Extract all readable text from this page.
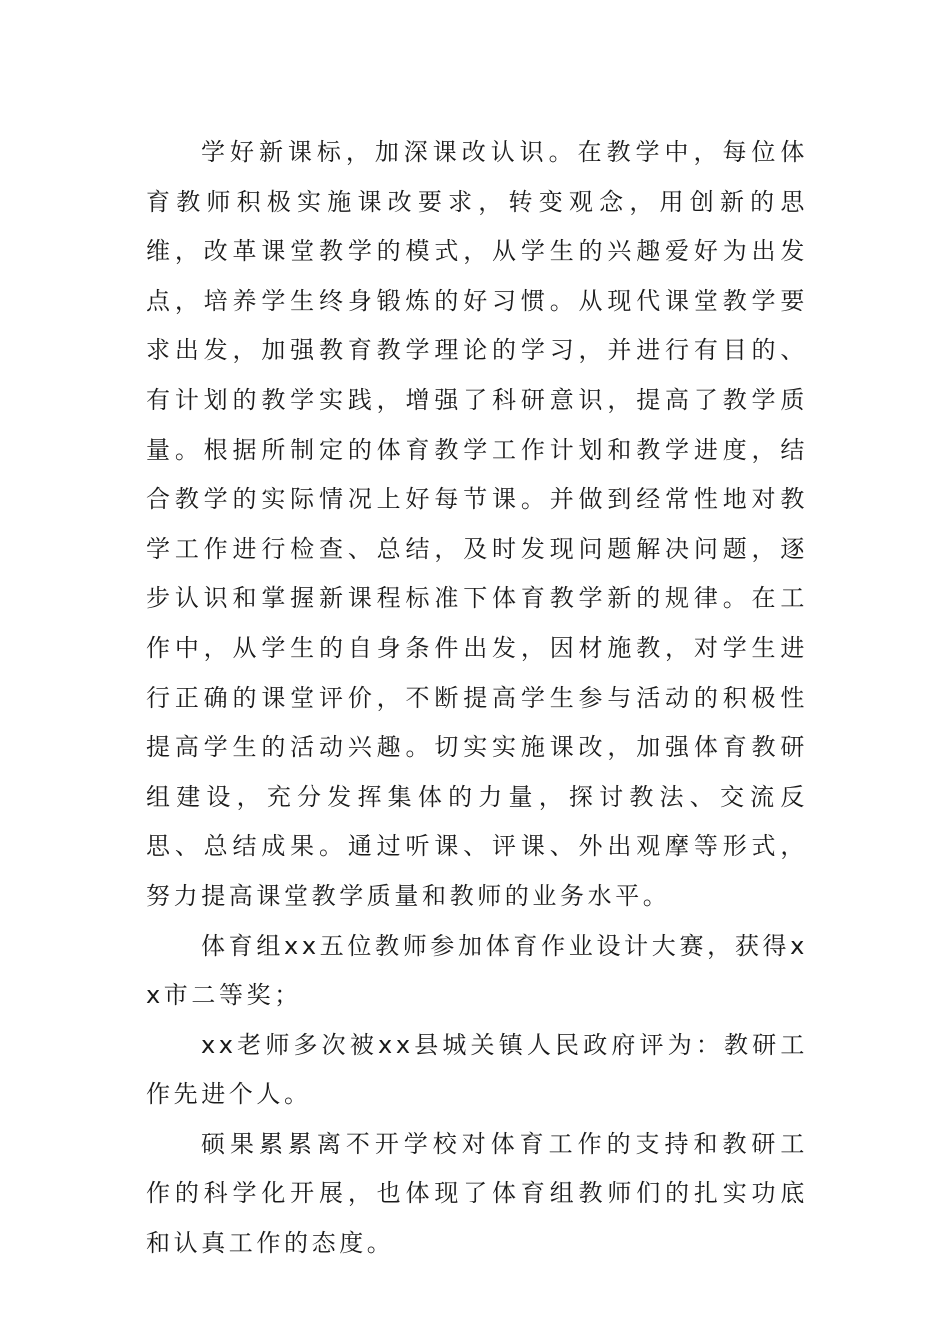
学好新课标，加深课改认识。在教学中，每位体育教师积极实施课改要求，转变观念，用创新的思维，改革课堂教学的模式，从学生的兴趣爱好为出发点，培养学生终身锻炼的好习惯。从现代课堂教学要求出发，加强教育教学理论的学习，并进行有目的、有计划的教学实践，增强了科研意识，提高了教学质量。根据所制定的体育教学工作计划和教学进度，结合教学的实际情况上好每节课。并做到经常性地对教学工作进行检查、总结，及时发现问题解决问题，逐步认识和掌握新课程标准下体育教学新的规律。在工作中，从学生的自身条件出发，因材施教，对学生进行正确的课堂评价，不断提高学生参与活动的积极性提高学生的活动兴趣。切实实施课改，加强体育教研组建设，充分发挥集体的力量，探讨教法、交流反思、总结成果。通过听课、评课、外出观摩等形式，努力提高课堂教学质量和教师的业务水平。

体育组xx五位教师参加体育作业设计大赛，获得xx市二等奖；

xx老师多次被xx县城关镇人民政府评为：教研工作先进个人。

硕果累累离不开学校对体育工作的支持和教研工作的科学化开展，也体现了体育组教师们的扎实功底和认真工作的态度。
